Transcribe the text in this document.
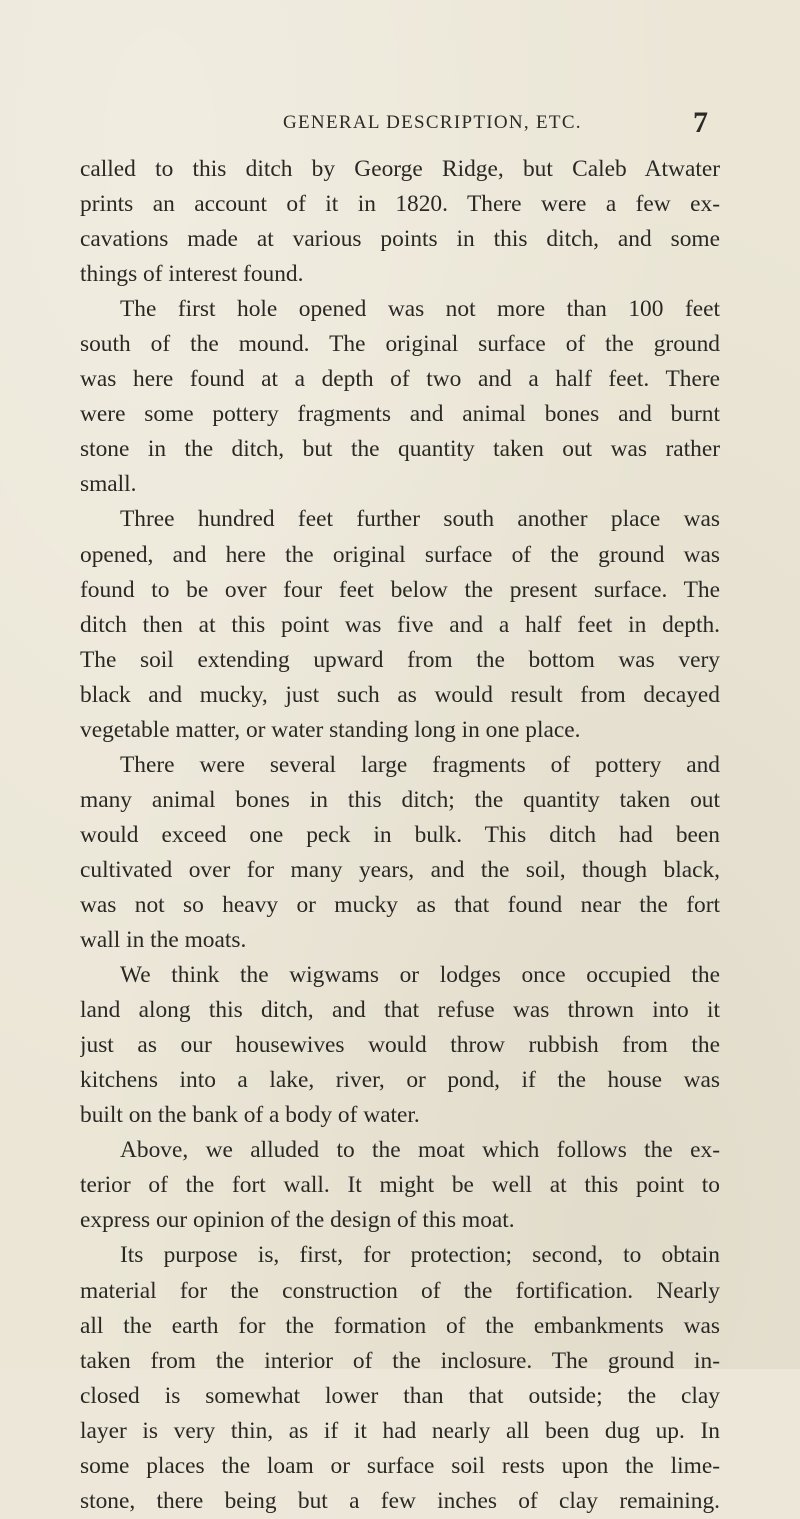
GENERAL DESCRIPTION, ETC.	7
called to this ditch by George Ridge, but Caleb Atwater
prints an account of it in 1820. There were a few ex-
cavations made at various points in this ditch, and some
things of interest found.
The first hole opened was not more than 100 feet
south of the mound. The original surface of the ground
was here found at a depth of two and a half feet. There
were some pottery fragments and animal bones and burnt
stone in the ditch, but the quantity taken out was rather
small.
Three hundred feet further south another place was
opened, and here the original surface of the ground was
found to be over four feet below the present surface. The
ditch then at this point was five and a half feet in depth.
The soil extending upward from the bottom was very
black and mucky, just such as would result from decayed
vegetable matter, or water standing long in one place.
There were several large fragments of pottery and
many animal bones in this ditch; the quantity taken out
would exceed one peck in bulk. This ditch had been
cultivated over for many years, and the soil, though black,
was not so heavy or mucky as that found near the fort
wall in the moats.
We think the wigwams or lodges once occupied the
land along this ditch, and that refuse was thrown into it
just as our housewives would throw rubbish from the
kitchens into a lake, river, or pond, if the house was
built on the bank of a body of water.
Above, we alluded to the moat which follows the ex-
terior of the fort wall. It might be well at this point to
express our opinion of the design of this moat.
Its purpose is, first, for protection; second, to obtain
material for the construction of the fortification. Nearly
all the earth for the formation of the embankments was
taken from the interior of the inclosure. The ground in-
closed is somewhat lower than that outside; the clay
layer is very thin, as if it had nearly all been dug up. In
some places the loam or surface soil rests upon the lime-
stone, there being but a few inches of clay remaining.
